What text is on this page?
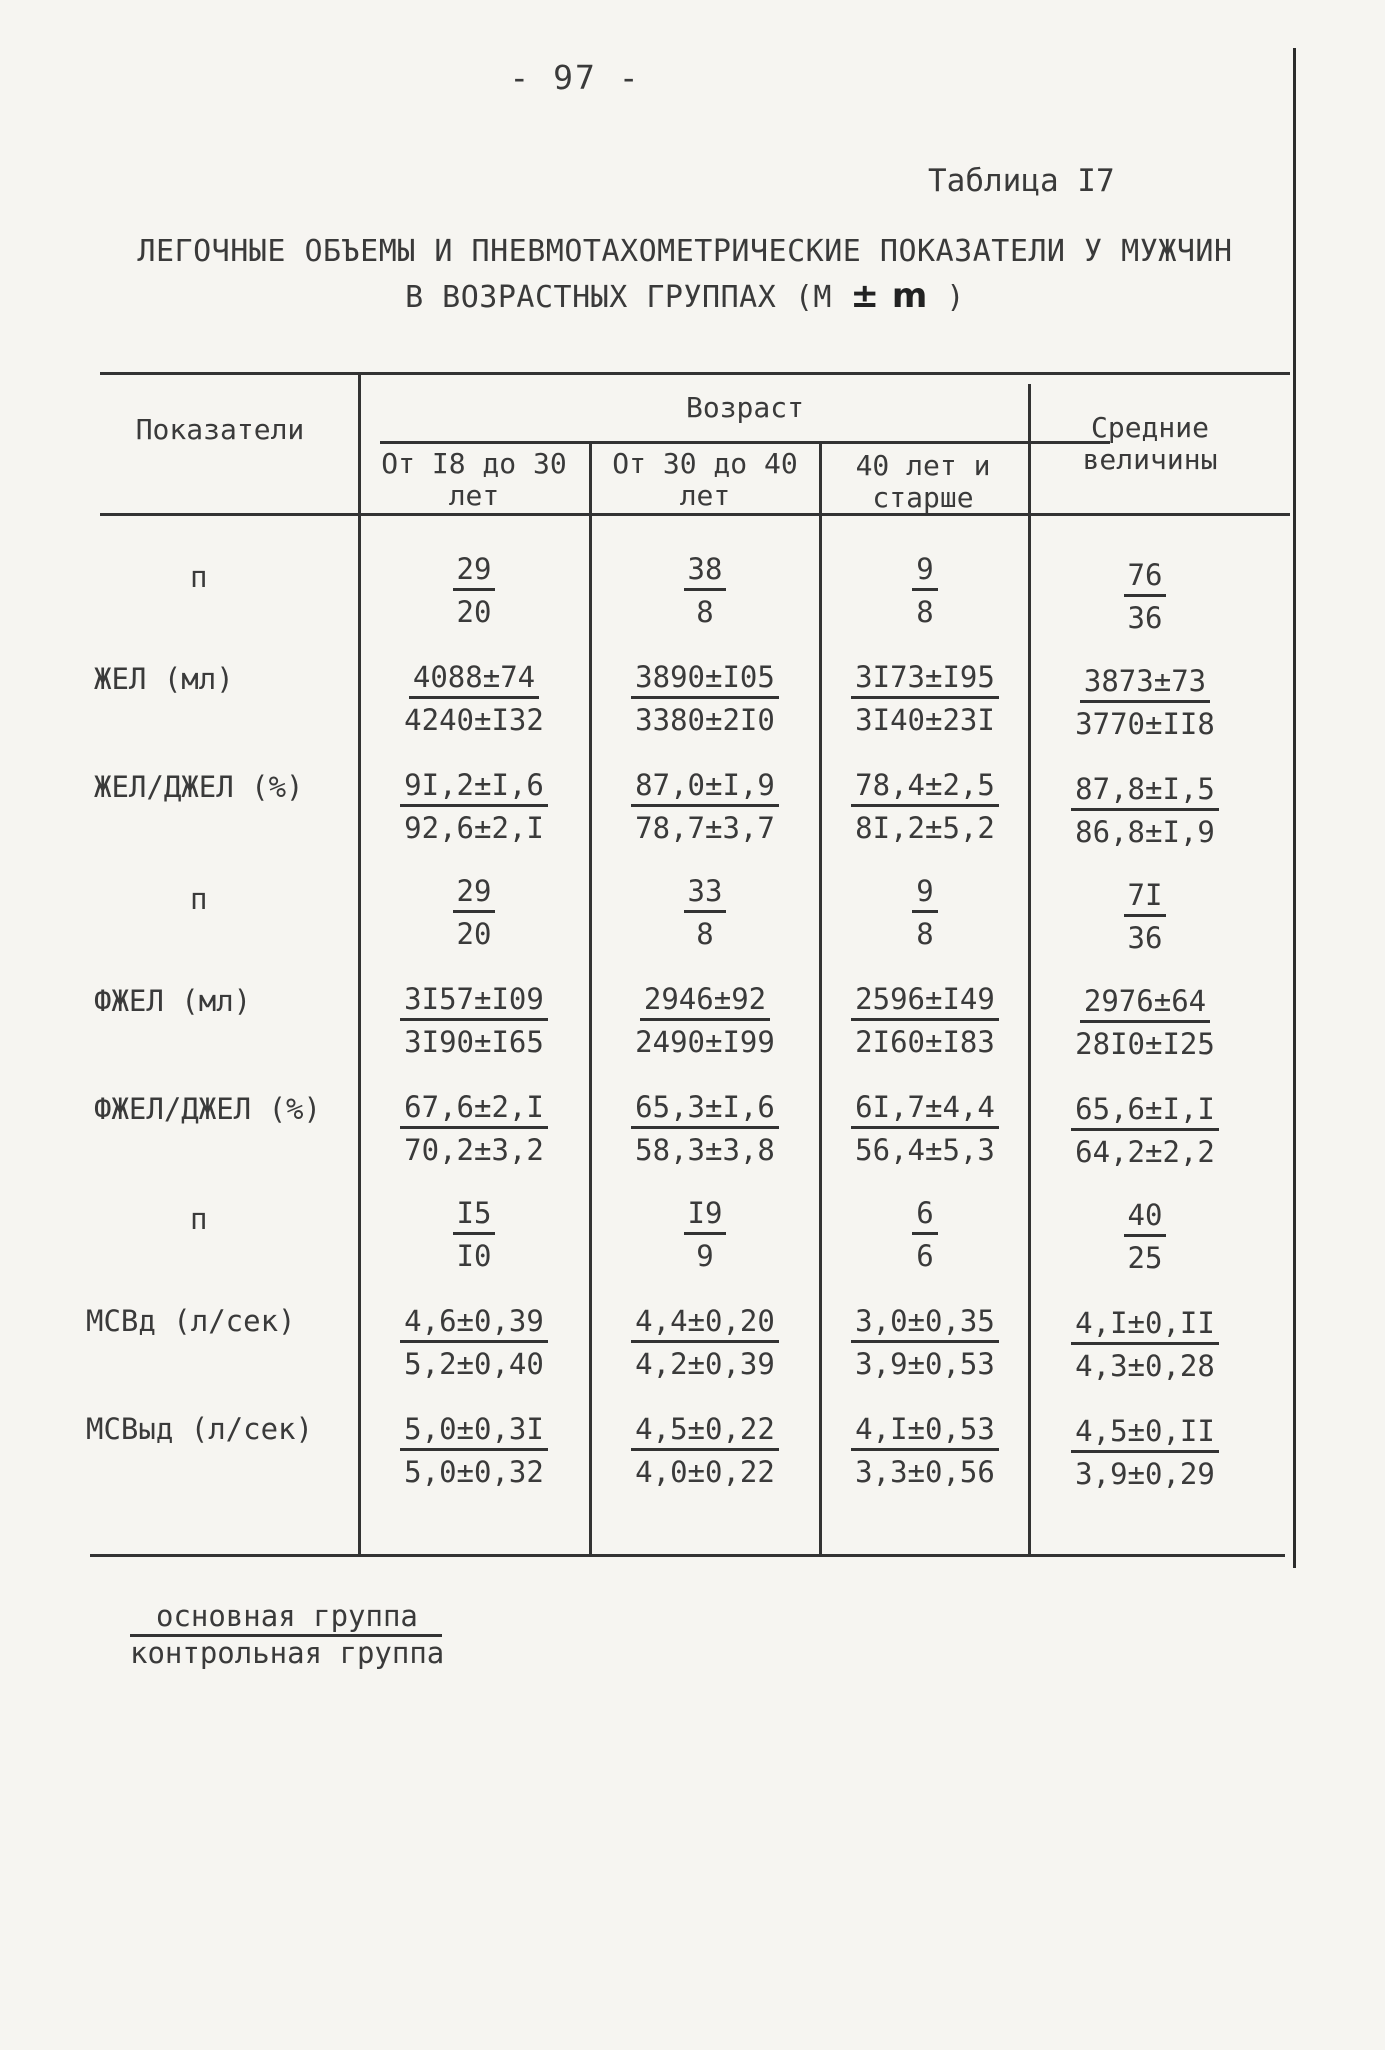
- 97 -
Таблица I7
ЛЕГОЧНЫЕ ОБЪЕМЫ И ПНЕВМОТАХОМЕТРИЧЕСКИЕ ПОКАЗАТЕЛИ У МУЖЧИН
В ВОЗРАСТНЫХ ГРУППАХ (M ± m )
Показатели
Возраст
От I8 до 30 лет
От 30 до 40 лет
40 лет и старше
Средние величины
п
ЖЕЛ (мл)
ЖЕЛ/ДЖЕЛ (%)
п
ФЖЕЛ (мл)
ФЖЕЛ/ДЖЕЛ (%)
п
МСВд (л/сек)
МСВыд (л/сек)
29
20
38
8
9
8
76
36
4088±74
4240±I32
3890±I05
3380±2I0
3I73±I95
3I40±23I
3873±73
3770±II8
9I,2±I,6
92,6±2,I
87,0±I,9
78,7±3,7
78,4±2,5
8I,2±5,2
87,8±I,5
86,8±I,9
29
20
33
8
9
8
7I
36
3I57±I09
3I90±I65
2946±92
2490±I99
2596±I49
2I60±I83
2976±64
28I0±I25
67,6±2,I
70,2±3,2
65,3±I,6
58,3±3,8
6I,7±4,4
56,4±5,3
65,6±I,I
64,2±2,2
I5
I0
I9
9
6
6
40
25
4,6±0,39
5,2±0,40
4,4±0,20
4,2±0,39
3,0±0,35
3,9±0,53
4,I±0,II
4,3±0,28
5,0±0,3I
5,0±0,32
4,5±0,22
4,0±0,22
4,I±0,53
3,3±0,56
4,5±0,II
3,9±0,29
основная группа
контрольная группа
